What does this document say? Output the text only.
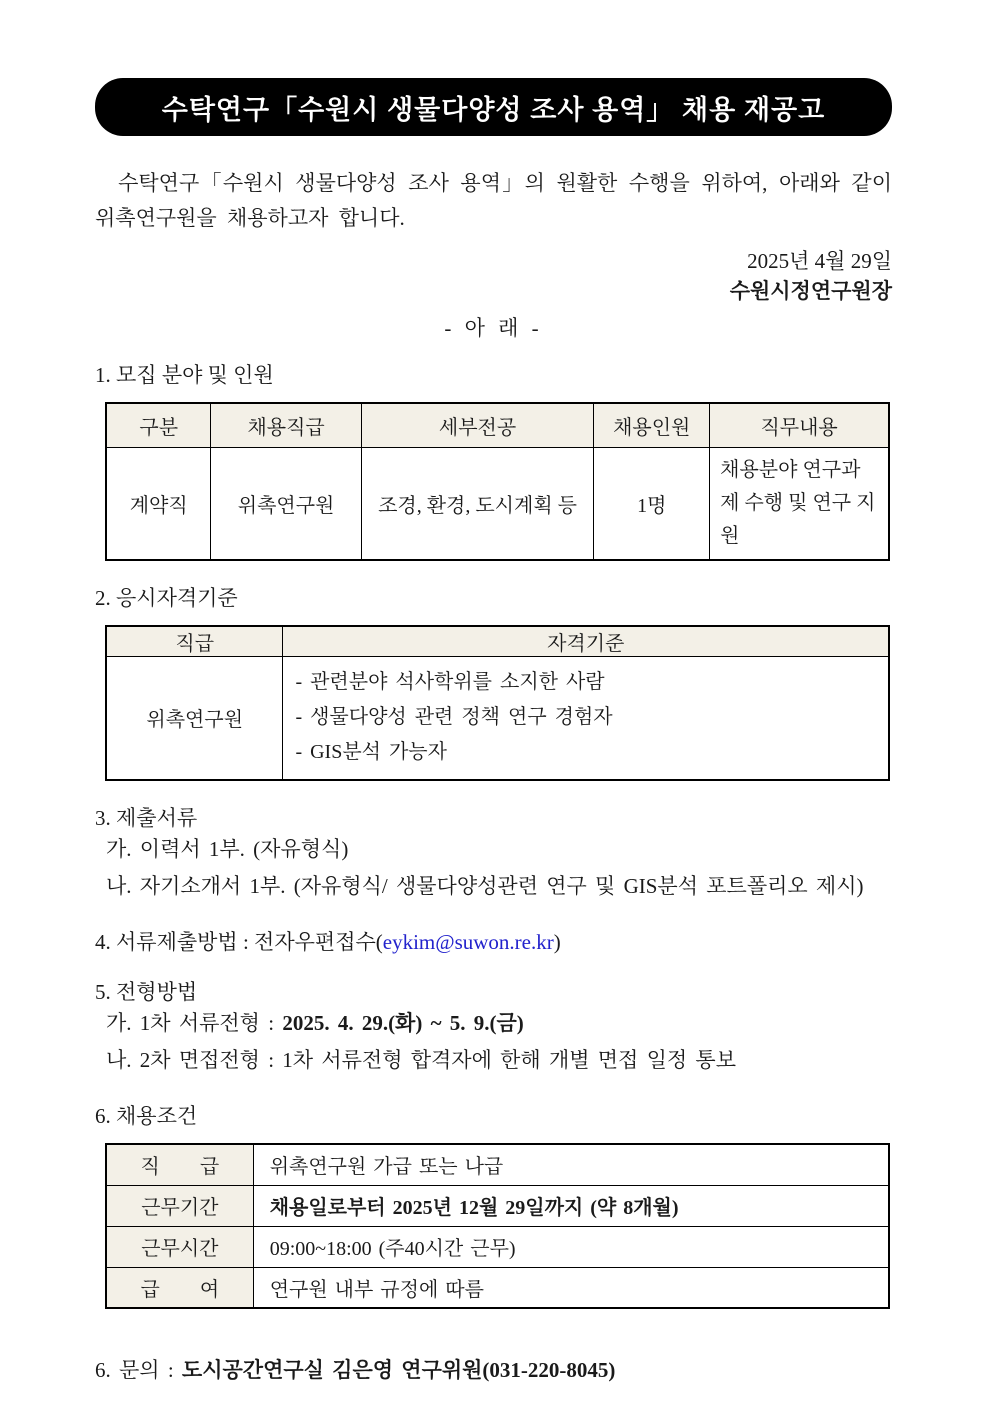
수탁연구「수원시 생물다양성 조사 용역」 채용 재공고

수탁연구「수원시 생물다양성 조사 용역」의 원활한 수행을 위하여, 아래와 같이 위촉연구원을 채용하고자 합니다.

2025년 4월 29일
수원시정연구원장
- 아 래 -
1. 모집 분야 및 인원
구분	채용직급	세부전공	채용인원	직무내용
계약직	위촉연구원	조경, 환경, 도시계획 등	1명	채용분야 연구과제 수행 및 연구 지원
2. 응시자격기준
직급	자격기준
위촉연구원	- 관련분야 석사학위를 소지한 사람
- 생물다양성 관련 정책 연구 경험자
- GIS분석 가능자
3. 제출서류
가. 이력서 1부. (자유형식)
나. 자기소개서 1부. (자유형식/ 생물다양성관련 연구 및 GIS분석 포트폴리오 제시)
4. 서류제출방법 : 전자우편접수(eykim@suwon.re.kr)
5. 전형방법
가. 1차 서류전형 : 2025. 4. 29.(화) ~ 5. 9.(금)
나. 2차 면접전형 : 1차 서류전형 합격자에 한해 개별 면접 일정 통보
6. 채용조건
직　　급	위촉연구원 가급 또는 나급
근무기간	채용일로부터 2025년 12월 29일까지 (약 8개월)
근무시간	09:00~18:00 (주40시간 근무)
급　　여	연구원 내부 규정에 따름
6. 문의 : 도시공간연구실 김은영 연구위원(031-220-8045)
